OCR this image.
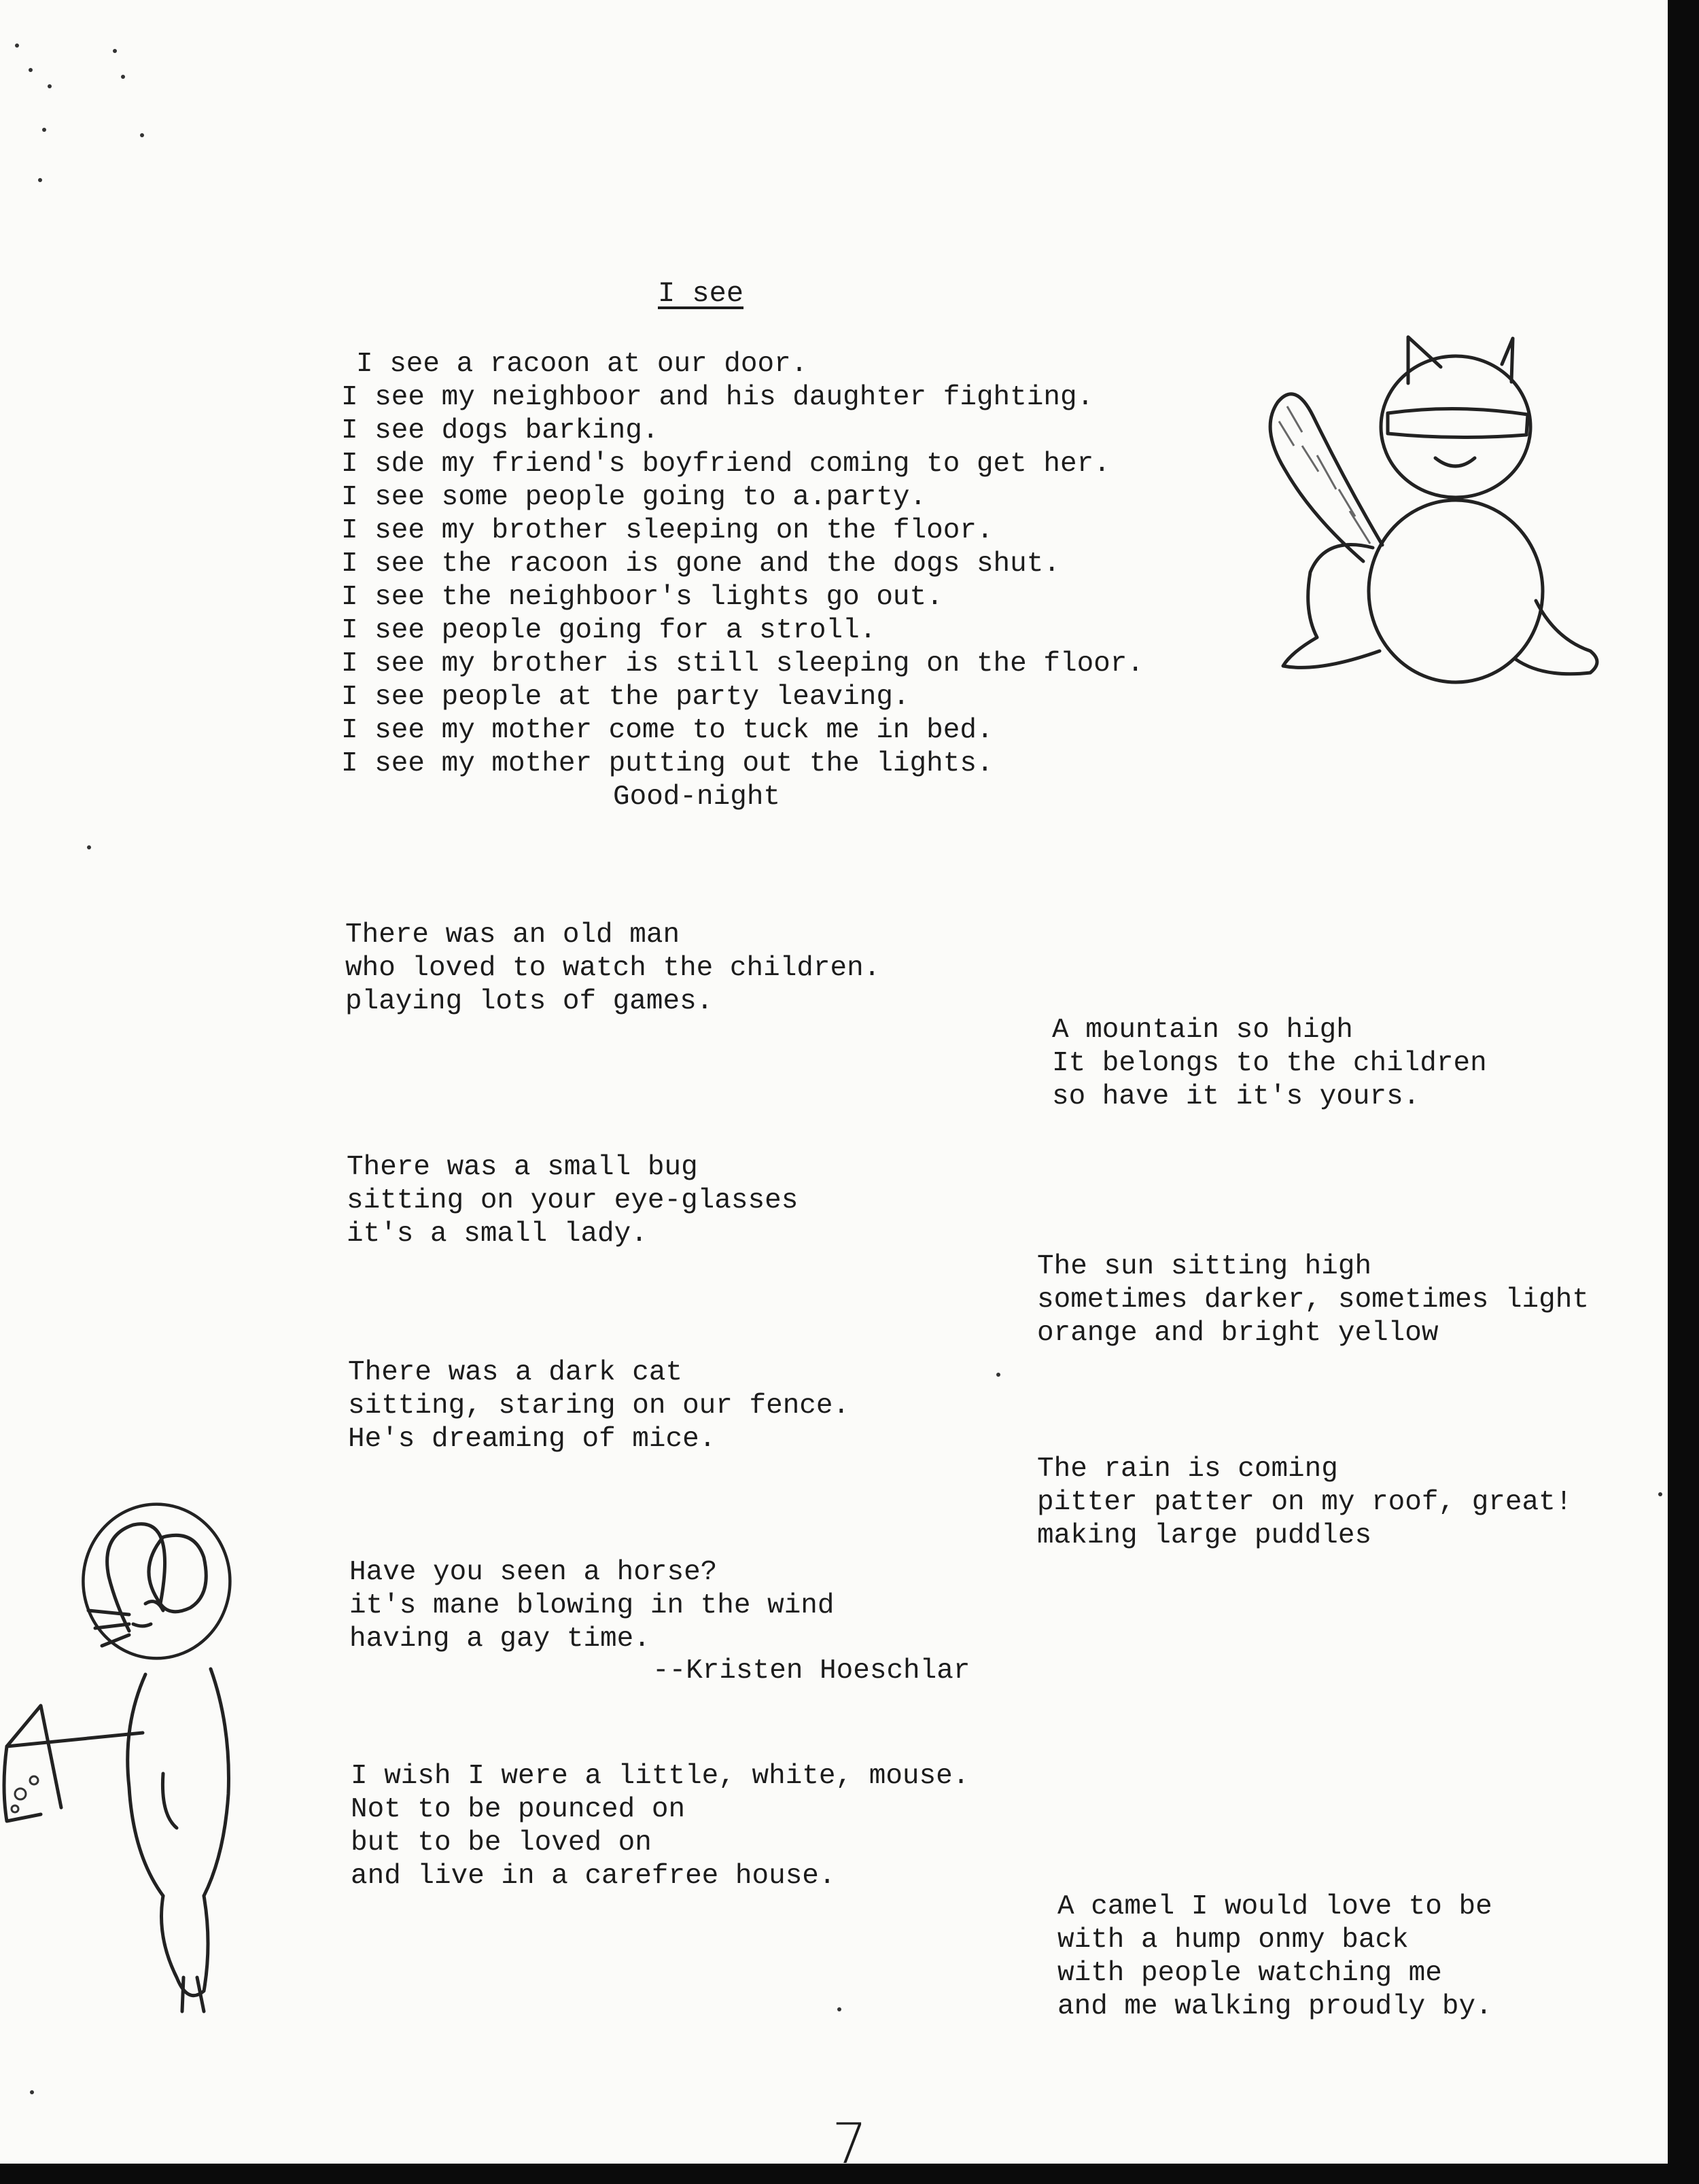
I see
I see a racoon at our door.
I see my neighboor and his daughter fighting.
I see dogs barking.
I sde my friend's boyfriend coming to get her.
I see some people going to a.party.
I see my brother sleeping on the floor.
I see the racoon is gone and the dogs shut.
I see the neighboor's lights go out.
I see people going for a stroll.
I see my brother is still sleeping on the floor.
I see people at the party leaving.
I see my mother come to tuck me in bed.
I see my mother putting out the lights.
Good-night
There was an old man
who loved to watch the children.
playing lots of games.
There was a small bug
sitting on your eye-glasses
it's a small lady.
There was a dark cat
sitting, staring on our fence.
He's dreaming of mice.
Have you seen a horse?
it's mane blowing in the wind
having a gay time.
--Kristen Hoeschlar
I wish I were a little, white, mouse.
Not to be pounced on
but to be loved on
and live in a carefree house.
A mountain so high
It belongs to the children
so have it it's yours.
The sun sitting high
sometimes darker, sometimes light
orange and bright yellow
The rain is coming
pitter patter on my roof, great!
making large puddles
A camel I would love to be
with a hump onmy back
with people watching me
and me walking proudly by.
7
